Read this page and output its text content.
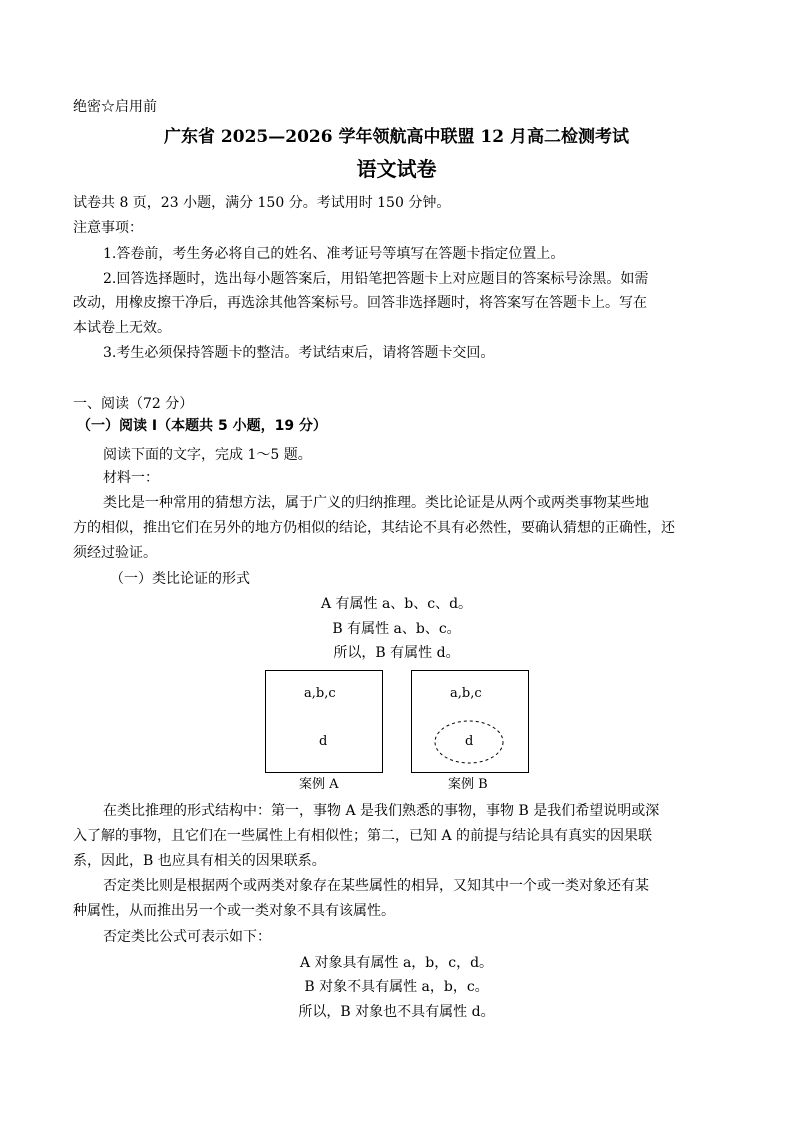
绝密☆启用前
广东省 2025—2026 学年领航高中联盟 12 月高二检测考试
语文试卷
试卷共 8 页，23 小题，满分 150 分。考试用时 150 分钟。
注意事项：
1.答卷前，考生务必将自己的姓名、准考证号等填写在答题卡指定位置上。
2.回答选择题时，选出每小题答案后，用铅笔把答题卡上对应题目的答案标号涂黑。如需
改动，用橡皮擦干净后，再选涂其他答案标号。回答非选择题时，将答案写在答题卡上。写在
本试卷上无效。
3.考生必须保持答题卡的整洁。考试结束后，请将答题卡交回。
一、阅读（72 分）
（一）阅读 I（本题共 5 小题，19 分）
阅读下面的文字，完成 1～5 题。
材料一：
类比是一种常用的猜想方法，属于广义的归纳推理。类比论证是从两个或两类事物某些地
方的相似，推出它们在另外的地方仍相似的结论，其结论不具有必然性，要确认猜想的正确性，还
须经过验证。
（一）类比论证的形式
A 有属性 a、b、c、d。
B 有属性 a、b、c。
所以，B 有属性 d。
a,b,c
d
案例 A
a,b,c
d
案例 B
在类比推理的形式结构中：第一，事物 A 是我们熟悉的事物，事物 B 是我们希望说明或深
入了解的事物，且它们在一些属性上有相似性；第二，已知 A 的前提与结论具有真实的因果联
系，因此，B 也应具有相关的因果联系。
否定类比则是根据两个或两类对象存在某些属性的相异，又知其中一个或一类对象还有某
种属性，从而推出另一个或一类对象不具有该属性。
否定类比公式可表示如下：
A 对象具有属性 a，b，c，d。
B 对象不具有属性 a，b，c。
所以，B 对象也不具有属性 d。
